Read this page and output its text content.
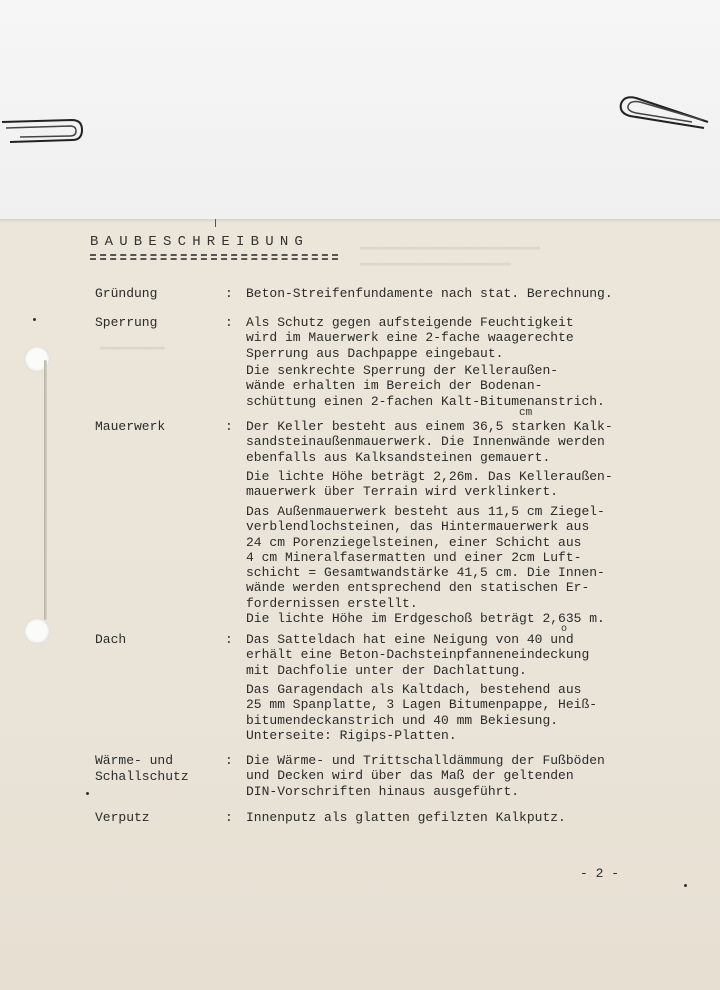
▬▬▬▬▬▬▬▬▬▬▬▬▬▬▬▬▬▬▬▬▬▬▬▬▬
▬▬▬▬▬▬▬▬▬▬▬▬▬▬▬▬▬▬▬▬▬
▬▬▬▬▬▬▬▬▬
BAUBESCHREIBUNG
Gründung	: Beton-Streifenfundamente nach stat. Berechnung.

Sperrung	: Als Schutz gegen aufsteigende Feuchtigkeit
wird im Mauerwerk eine 2-fache waagerechte
Sperrung aus Dachpappe eingebaut.

Die senkrechte Sperrung der Kelleraußen-
wände erhalten im Bereich der Bodenan-
schüttung einen 2-fachen Kalt-Bitumenanstrich.

Mauerwerk	:
cm

Der Keller besteht aus einem 36,5 starken Kalk-
sandsteinaußenmauerwerk. Die Innenwände werden
ebenfalls aus Kalksandsteinen gemauert.

Die lichte Höhe beträgt 2,26m. Das Kelleraußen-
mauerwerk über Terrain wird verklinkert.

Das Außenmauerwerk besteht aus 11,5 cm Ziegel-
verblendlochsteinen, das Hintermauerwerk aus
24 cm Porenziegelsteinen, einer Schicht aus
4 cm Mineralfasermatten und einer 2cm Luft-
schicht = Gesamtwandstärke 41,5 cm. Die Innen-
wände werden entsprechend den statischen Er-
fordernissen erstellt.
Die lichte Höhe im Erdgeschoß beträgt 2,635 m.

Dach	: Das Satteldach hat eine Neigung von 40 und
erhält eine Beton-Dachsteinpfanneneindeckung
mit Dachfolie unter der Dachlattung.

o

Das Garagendach als Kaltdach, bestehend aus
25 mm Spanplatte, 3 Lagen Bitumenpappe, Heiß-
bitumendeckanstrich und 40 mm Bekiesung.
Unterseite: Rigips-Platten.

Wärme- und
Schallschutz
: Die Wärme- und Trittschalldämmung der Fußböden
und Decken wird über das Maß der geltenden
DIN-Vorschriften hinaus ausgeführt.

Verputz	: Innenputz als glatten gefilzten Kalkputz.

- 2 -
